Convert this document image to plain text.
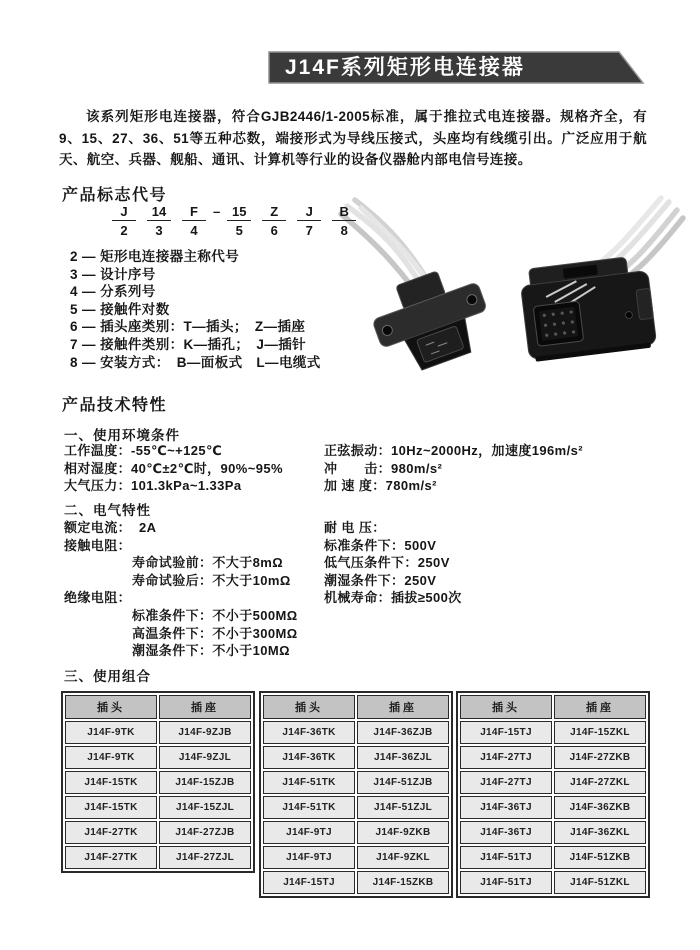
J14F系列矩形电连接器
该系列矩形电连接器，符合GJB2446/1-2005标准，属于推拉式电连接器。规格齐全，有9、15、27、36、51等五种芯数，端接形式为导线压接式，头座均有线缆引出。广泛应用于航天、航空、兵器、舰船、通讯、计算机等行业的设备仪器舱内部电信号连接。
产品标志代号
$\frac{J}{2} \frac{14}{3} \frac{F}{4} - \frac{15}{5} \frac{Z}{6} \frac{J}{7} \frac{B}{8}$
2 — 矩形电连接器主称代号
3 — 设计序号
4 — 分系列号
5 — 接触件对数
6 — 插头座类别：T—插头；　Z—插座
7 — 接触件类别：K—插孔；　J—插针
8 — 安装方式：　B—面板式　L—电缆式
产品技术特性
一、使用环境条件
工作温度：-55℃~+125℃
相对湿度：40℃±2℃时，90%~95%
大气压力：101.3kPa~1.33Pa
正弦振动：10Hz~2000Hz，加速度196m/s²
冲　　击：980m/s²
加 速 度：780m/s²
二、电气特性
额定电流：  2A
接触电阻：
寿命试验前：不大于8mΩ
寿命试验后：不大于10mΩ
绝缘电阻：
标准条件下：不小于500MΩ
高温条件下：不小于300MΩ
潮湿条件下：不小于10MΩ
耐 电 压：
标准条件下：500V
低气压条件下：250V
潮湿条件下：250V
机械寿命：插拔≥500次
三、使用组合
插头	插座
J14F-9TK	J14F-9ZJB
J14F-9TK	J14F-9ZJL
J14F-15TK	J14F-15ZJB
J14F-15TK	J14F-15ZJL
J14F-27TK	J14F-27ZJB
J14F-27TK	J14F-27ZJL
插头	插座
J14F-36TK	J14F-36ZJB
J14F-36TK	J14F-36ZJL
J14F-51TK	J14F-51ZJB
J14F-51TK	J14F-51ZJL
J14F-9TJ	J14F-9ZKB
J14F-9TJ	J14F-9ZKL
J14F-15TJ	J14F-15ZKB
插头	插座
J14F-15TJ	J14F-15ZKL
J14F-27TJ	J14F-27ZKB
J14F-27TJ	J14F-27ZKL
J14F-36TJ	J14F-36ZKB
J14F-36TJ	J14F-36ZKL
J14F-51TJ	J14F-51ZKB
J14F-51TJ	J14F-51ZKL
